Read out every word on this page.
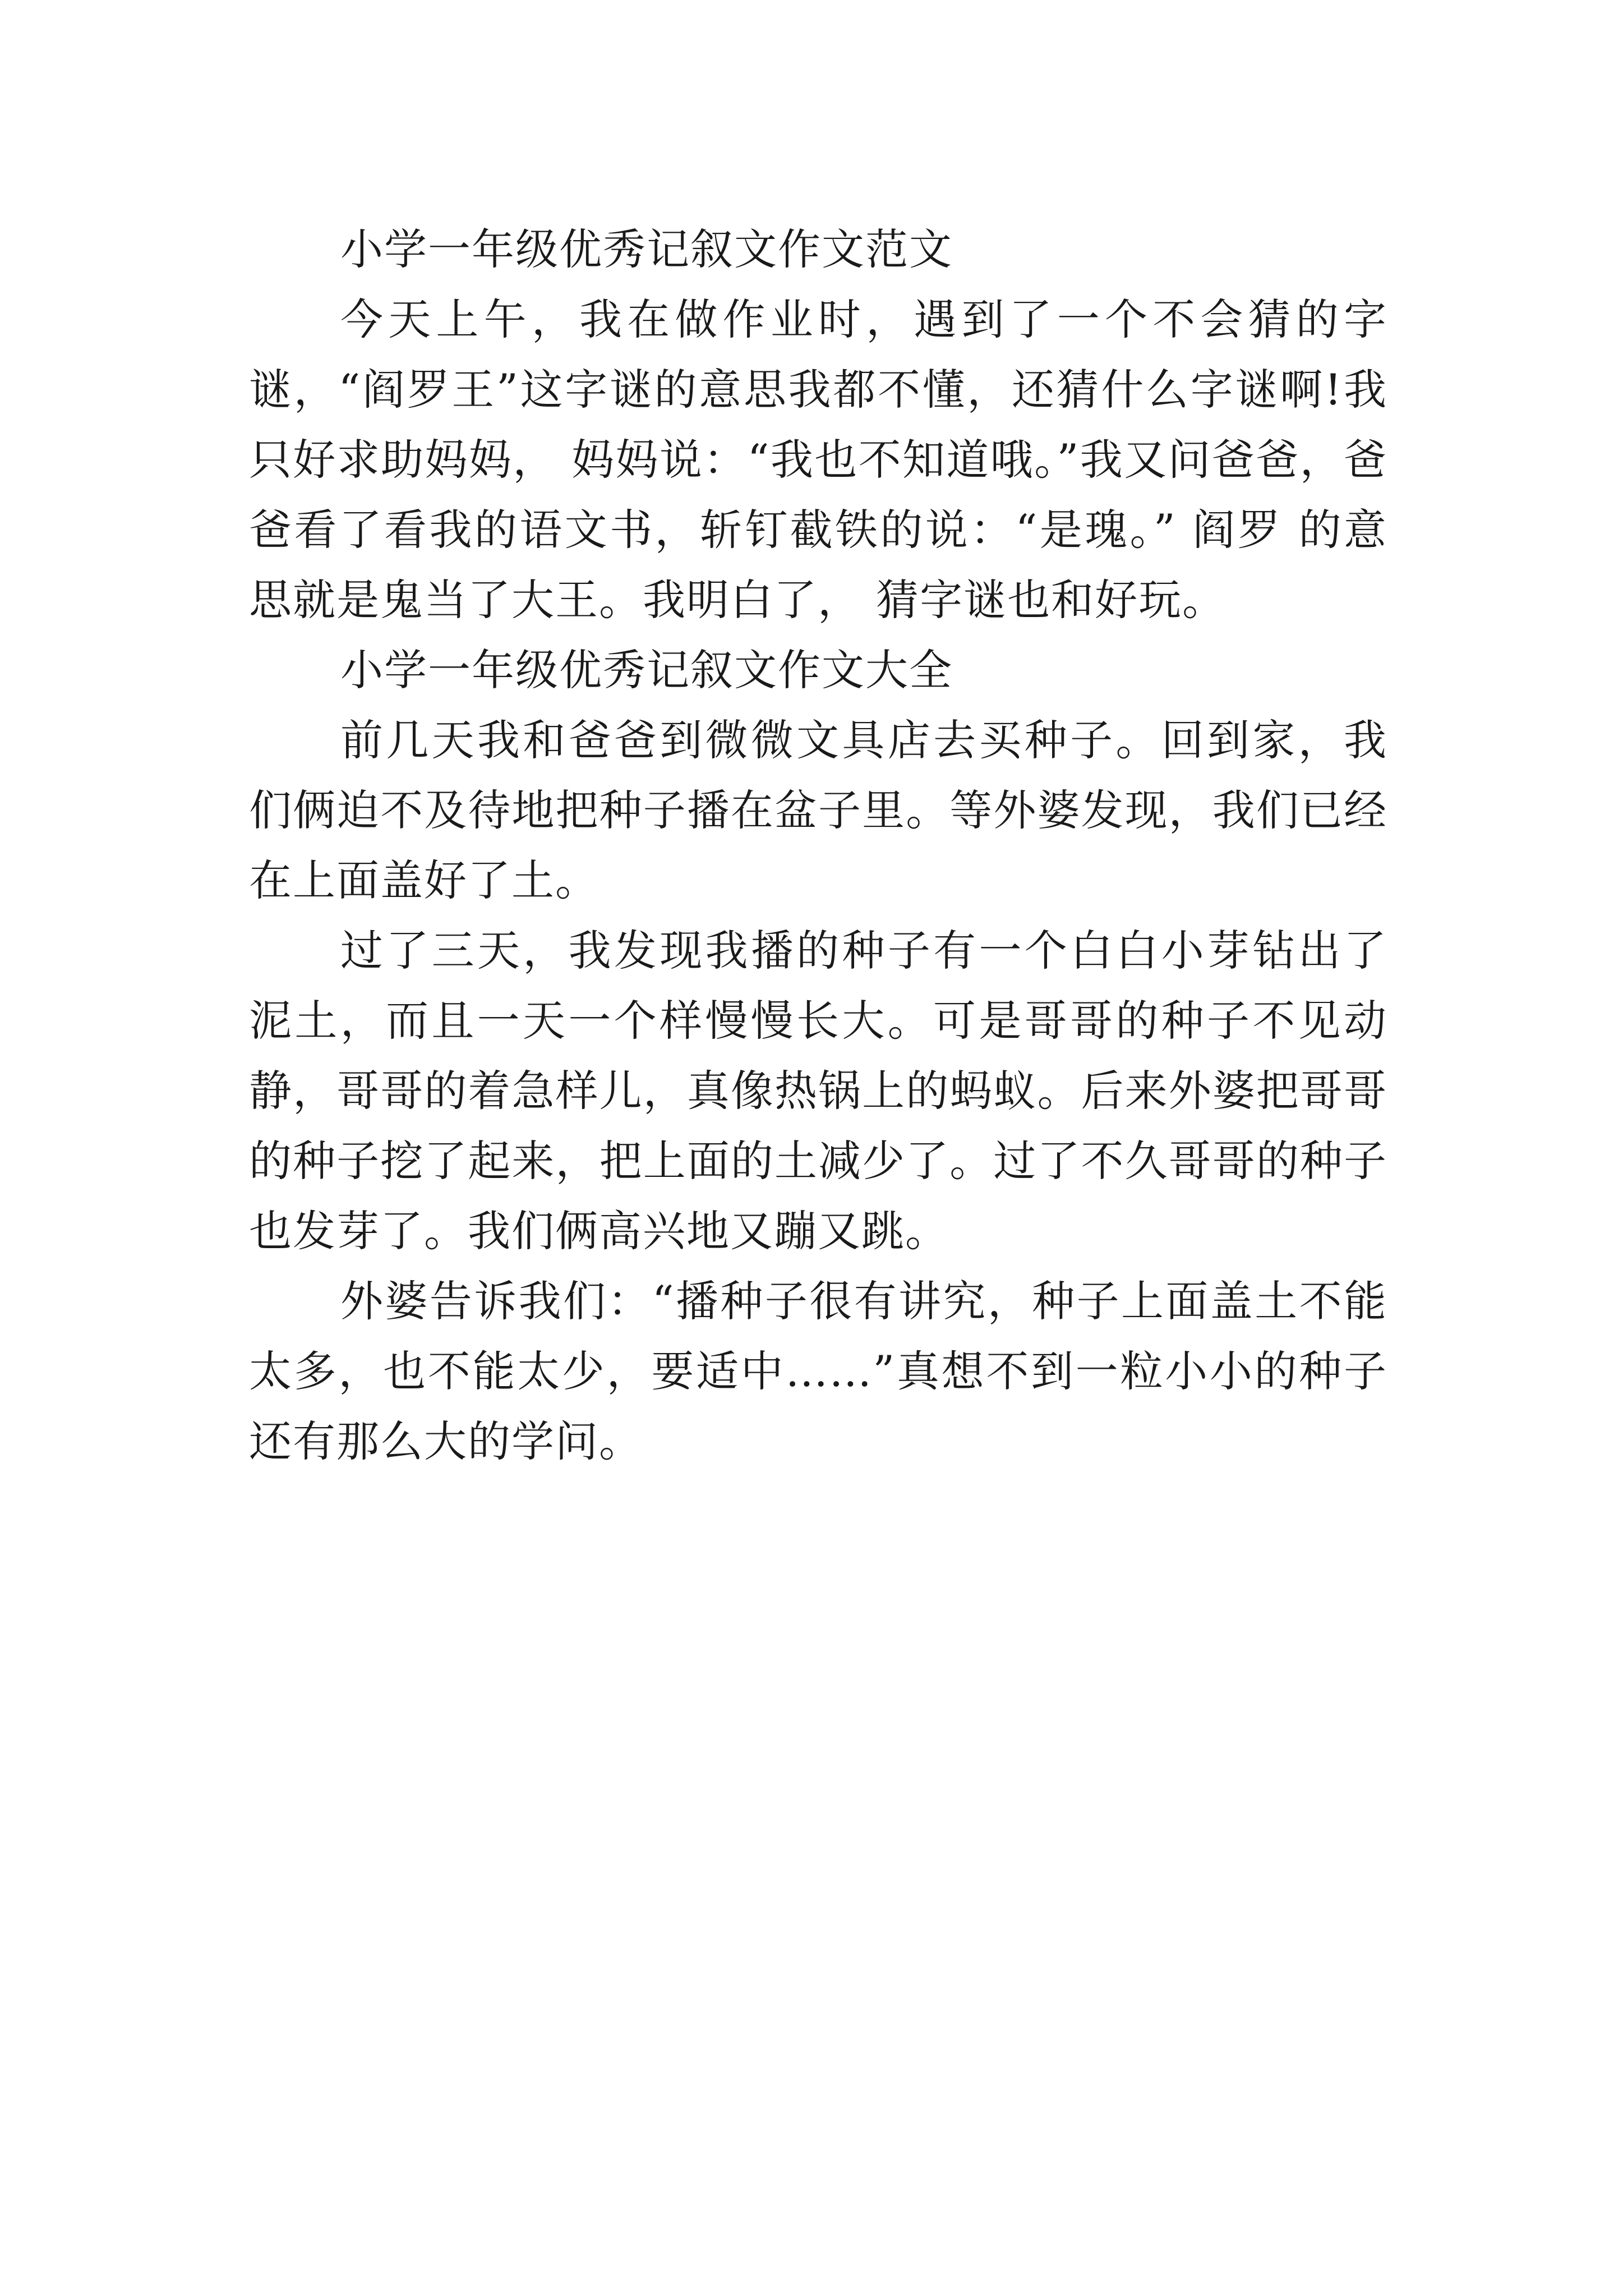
小学一年级优秀记叙文作文范文

今天上午，我在做作业时，遇到了一个不会猜的字谜，“阎罗王”这字谜的意思我都不懂，还猜什么字谜啊!我只好求助妈妈， 妈妈说：“我也不知道哦。”我又问爸爸，爸爸看了看我的语文书，斩钉截铁的说：“是瑰。” 阎罗 的意思就是鬼当了大王。我明白了， 猜字谜也和好玩。

小学一年级优秀记叙文作文大全

前几天我和爸爸到微微文具店去买种子。回到家，我们俩迫不及待地把种子播在盆子里。等外婆发现，我们已经在上面盖好了土。

过了三天，我发现我播的种子有一个白白小芽钻出了泥土，而且一天一个样慢慢长大。可是哥哥的种子不见动静，哥哥的着急样儿，真像热锅上的蚂蚁。后来外婆把哥哥的种子挖了起来，把上面的土减少了。过了不久哥哥的种子也发芽了。我们俩高兴地又蹦又跳。

外婆告诉我们：“播种子很有讲究，种子上面盖土不能太多，也不能太少，要适中……”真想不到一粒小小的种子还有那么大的学问。
